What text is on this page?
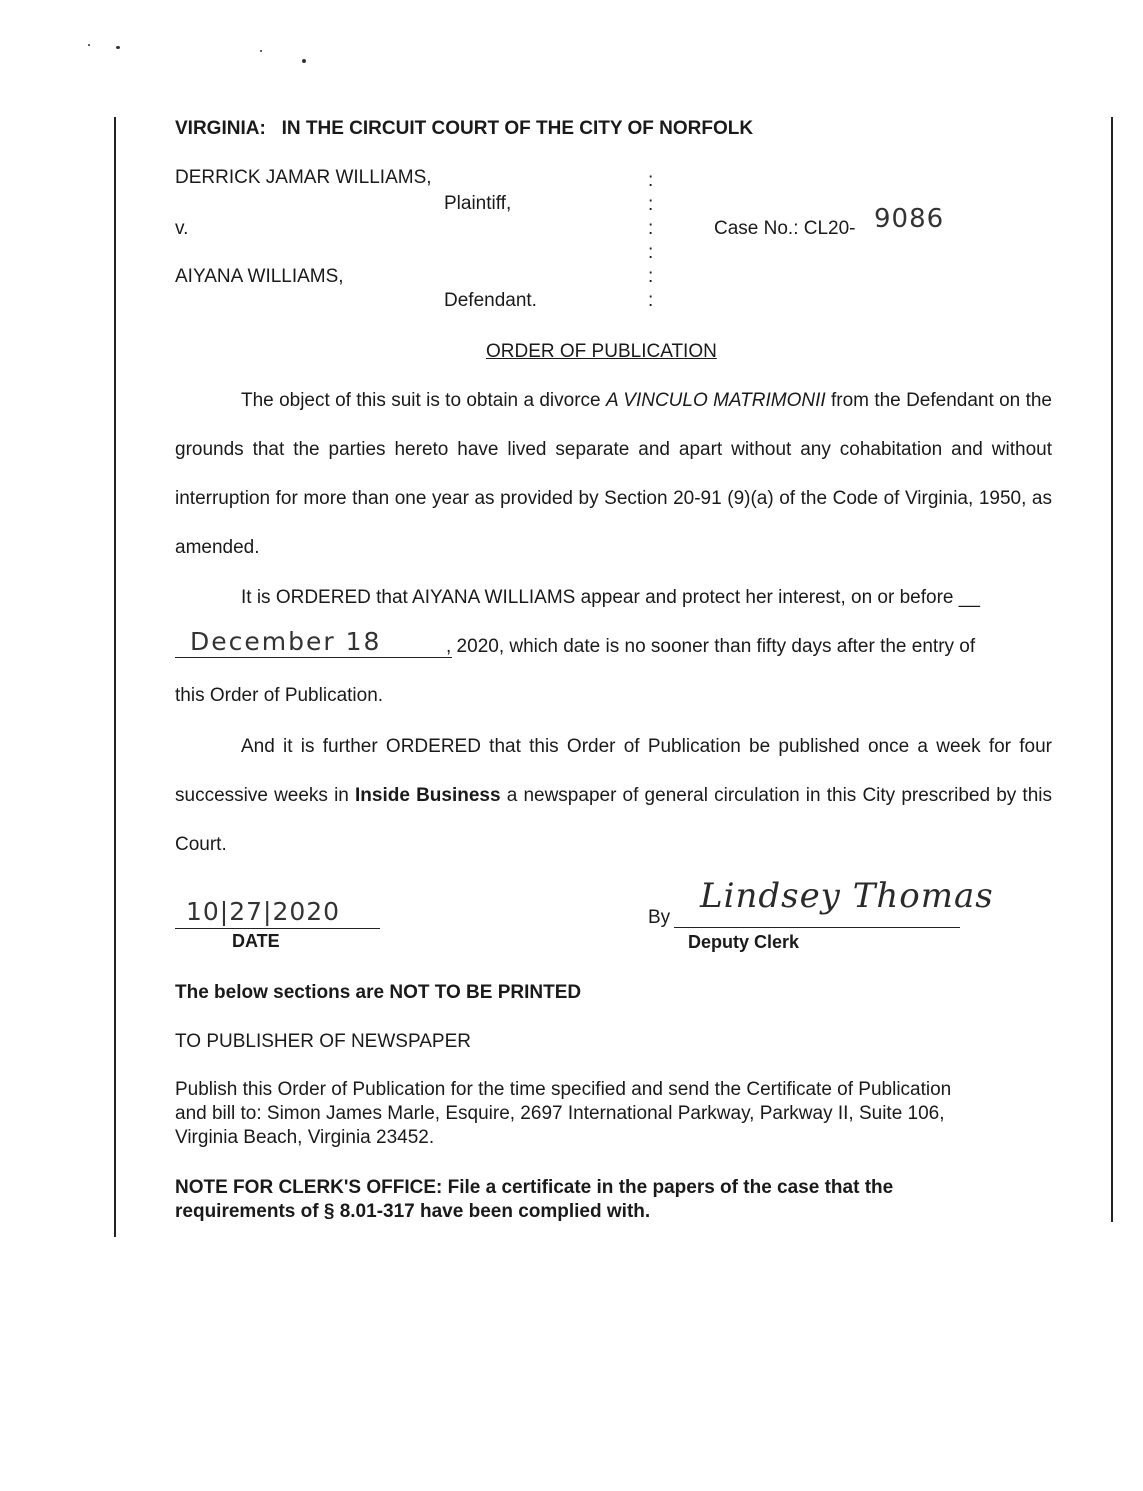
VIRGINIA:   IN THE CIRCUIT COURT OF THE CITY OF NORFOLK
DERRICK JAMAR WILLIAMS,
Plaintiff,
v.
AIYANA WILLIAMS,
Defendant.
:
:
:
:
:
:
Case No.: CL20- 9086
ORDER OF PUBLICATION
The object of this suit is to obtain a divorce A VINCULO MATRIMONII from the Defendant on the grounds that the parties hereto have lived separate and apart without any cohabitation and without interruption for more than one year as provided by Section 20-91 (9)(a) of the Code of Virginia, 1950, as amended.
It is ORDERED that AIYANA WILLIAMS appear and protect her interest, on or before __
December 18	, 2020, which date is no sooner than fifty days after the entry of
this Order of Publication.
And it is further ORDERED that this Order of Publication be published once a week for four successive weeks in Inside Business a newspaper of general circulation in this City prescribed by this Court.
10|27|2020
DATE
By
Lindsey Thomas
Deputy Clerk
The below sections are NOT TO BE PRINTED
TO PUBLISHER OF NEWSPAPER
Publish this Order of Publication for the time specified and send the Certificate of Publication
and bill to: Simon James Marle, Esquire, 2697 International Parkway, Parkway II, Suite 106,
Virginia Beach, Virginia 23452.
NOTE FOR CLERK'S OFFICE: File a certificate in the papers of the case that the
requirements of § 8.01-317 have been complied with.
